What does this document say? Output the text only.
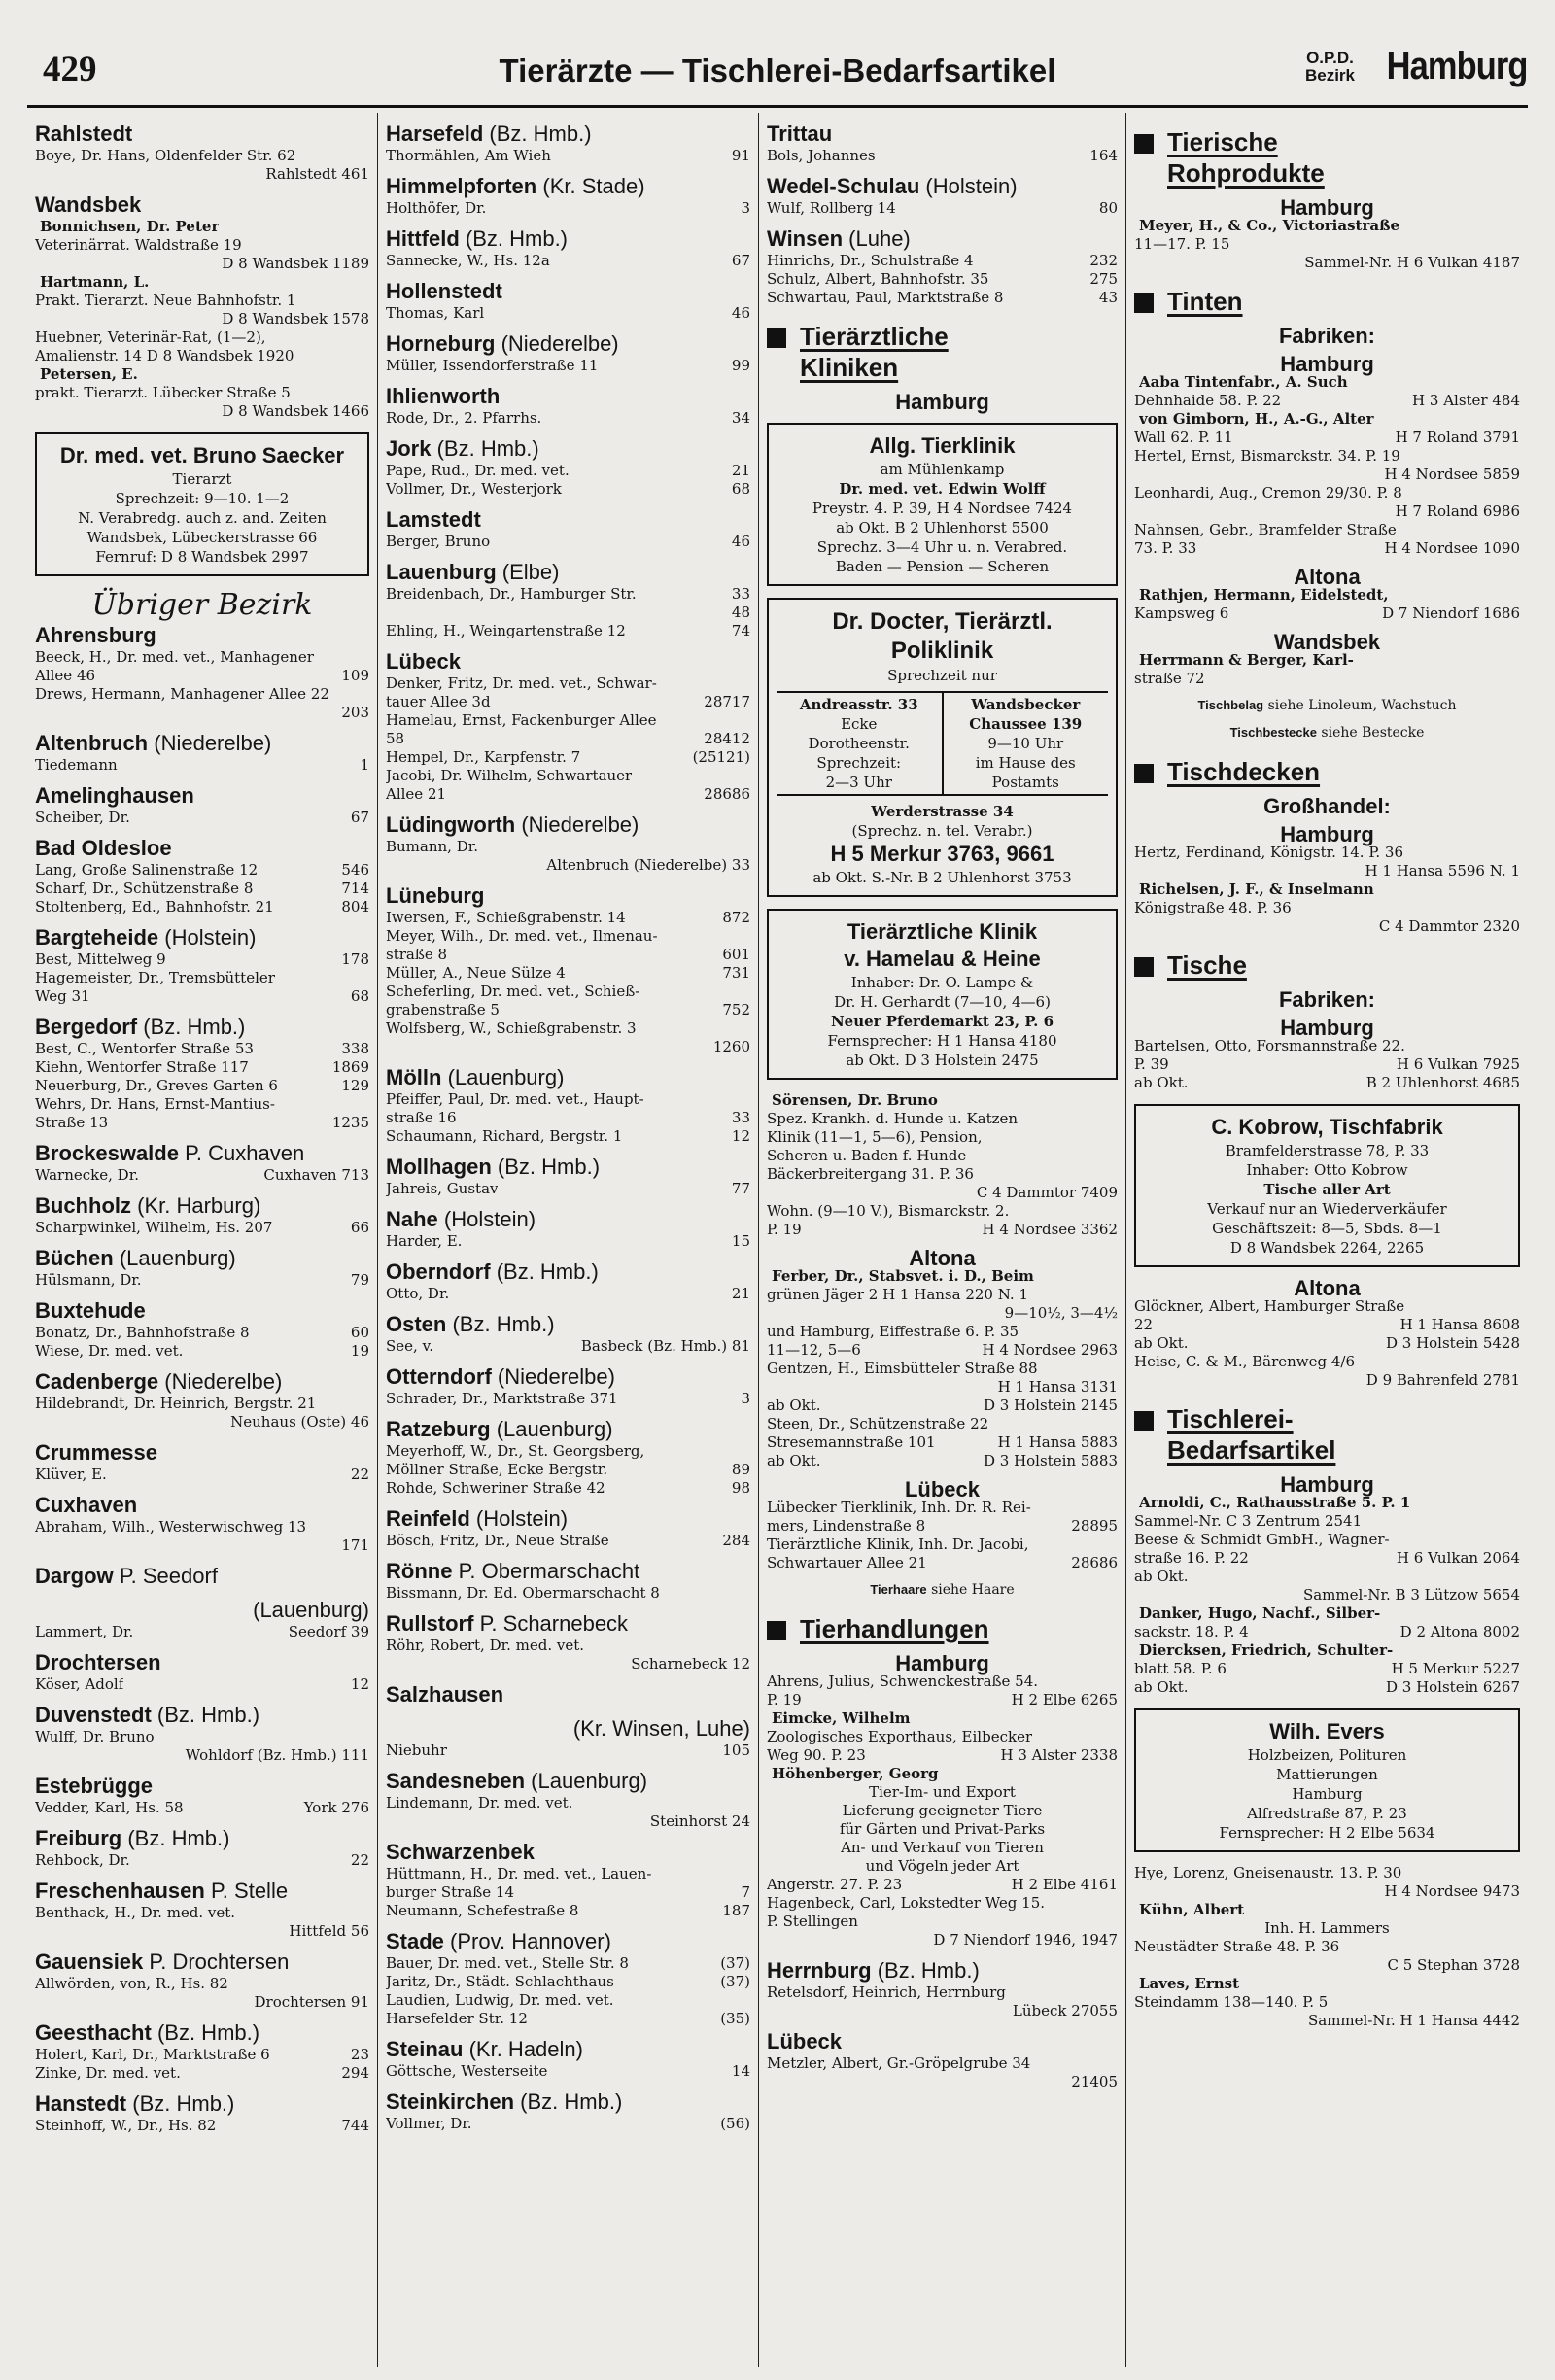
429	Tierärzte — Tischlerei-Bedarfsartikel	O.P.D.
Bezirk Hamburg
Rahlstedt
Boye, Dr. Hans, Oldenfelder Str. 62
Rahlstedt 461
Wandsbek
Bonnichsen, Dr. Peter
Veterinärrat. Waldstraße 19
D 8 Wandsbek 1189
Hartmann, L.
Prakt. Tierarzt. Neue Bahnhofstr. 1
D 8 Wandsbek 1578
Huebner, Veterinär-Rat, (1—2),
Amalienstr. 14 D 8 Wandsbek 1920
Petersen, E.
prakt. Tierarzt. Lübecker Straße 5
D 8 Wandsbek 1466
Dr. med. vet. Bruno Saecker
Tierarzt
Sprechzeit: 9—10. 1—2
N. Verabredg. auch z. and. Zeiten
Wandsbek, Lübeckerstrasse 66
Fernruf: D 8 Wandsbek 2997
Übriger Bezirk
Ahrensburg
Beeck, H., Dr. med. vet., Manhagener
Allee 46	109
Drews, Hermann, Manhagener Allee 22
203
Altenbruch (Niederelbe)
Tiedemann	1
Amelinghausen
Scheiber, Dr.	67
Bad Oldesloe
Lang, Große Salinenstraße 12	546
Scharf, Dr., Schützenstraße 8	714
Stoltenberg, Ed., Bahnhofstr. 21	804
Bargteheide (Holstein)
Best, Mittelweg 9	178
Hagemeister, Dr., Tremsbütteler
Weg 31	68
Bergedorf (Bz. Hmb.)
Best, C., Wentorfer Straße 53	338
Kiehn, Wentorfer Straße 117	1869
Neuerburg, Dr., Greves Garten 6	129
Wehrs, Dr. Hans, Ernst-Mantius-
Straße 13	1235
Brockeswalde P. Cuxhaven
Warnecke, Dr.	Cuxhaven 713
Buchholz (Kr. Harburg)
Scharpwinkel, Wilhelm, Hs. 207	66
Büchen (Lauenburg)
Hülsmann, Dr.	79
Buxtehude
Bonatz, Dr., Bahnhofstraße 8	60
Wiese, Dr. med. vet.	19
Cadenberge (Niederelbe)
Hildebrandt, Dr. Heinrich, Bergstr. 21
Neuhaus (Oste) 46
Crummesse
Klüver, E.	22
Cuxhaven
Abraham, Wilh., Westerwischweg 13
171
Dargow P. Seedorf
(Lauenburg)
Lammert, Dr.	Seedorf 39
Drochtersen
Köser, Adolf	12
Duvenstedt (Bz. Hmb.)
Wulff, Dr. Bruno
Wohldorf (Bz. Hmb.) 111
Estebrügge
Vedder, Karl, Hs. 58	York 276
Freiburg (Bz. Hmb.)
Rehbock, Dr.	22
Freschenhausen P. Stelle
Benthack, H., Dr. med. vet.
Hittfeld 56
Gauensiek P. Drochtersen
Allwörden, von, R., Hs. 82
Drochtersen 91
Geesthacht (Bz. Hmb.)
Holert, Karl, Dr., Marktstraße 6	23
Zinke, Dr. med. vet.	294
Hanstedt (Bz. Hmb.)
Steinhoff, W., Dr., Hs. 82	744
Harsefeld (Bz. Hmb.)
Thormählen, Am Wieh	91
Himmelpforten (Kr. Stade)
Holthöfer, Dr.	3
Hittfeld (Bz. Hmb.)
Sannecke, W., Hs. 12a	67
Hollenstedt
Thomas, Karl	46
Horneburg (Niederelbe)
Müller, Issendorferstraße 11	99
Ihlienworth
Rode, Dr., 2. Pfarrhs.	34
Jork (Bz. Hmb.)
Pape, Rud., Dr. med. vet.	21
Vollmer, Dr., Westerjork	68
Lamstedt
Berger, Bruno	46
Lauenburg (Elbe)
Breidenbach, Dr., Hamburger Str.	33
48
Ehling, H., Weingartenstraße 12	74
Lübeck
Denker, Fritz, Dr. med. vet., Schwar-
tauer Allee 3d	28717
Hamelau, Ernst, Fackenburger Allee
58	28412
Hempel, Dr., Karpfenstr. 7	(25121)
Jacobi, Dr. Wilhelm, Schwartauer
Allee 21	28686
Lüdingworth (Niederelbe)
Bumann, Dr.
Altenbruch (Niederelbe) 33
Lüneburg
Iwersen, F., Schießgrabenstr. 14	872
Meyer, Wilh., Dr. med. vet., Ilmenau-
straße 8	601
Müller, A., Neue Sülze 4	731
Scheferling, Dr. med. vet., Schieß-
grabenstraße 5	752
Wolfsberg, W., Schießgrabenstr. 3
1260
Mölln (Lauenburg)
Pfeiffer, Paul, Dr. med. vet., Haupt-
straße 16	33
Schaumann, Richard, Bergstr. 1	12
Mollhagen (Bz. Hmb.)
Jahreis, Gustav	77
Nahe (Holstein)
Harder, E.	15
Oberndorf (Bz. Hmb.)
Otto, Dr.	21
Osten (Bz. Hmb.)
See, v.	Basbeck (Bz. Hmb.) 81
Otterndorf (Niederelbe)
Schrader, Dr., Marktstraße 371	3
Ratzeburg (Lauenburg)
Meyerhoff, W., Dr., St. Georgsberg,
Möllner Straße, Ecke Bergstr.	89
Rohde, Schweriner Straße 42	98
Reinfeld (Holstein)
Bösch, Fritz, Dr., Neue Straße	284
Rönne P. Obermarschacht
Bissmann, Dr. Ed. Obermarschacht 8
Rullstorf P. Scharnebeck
Röhr, Robert, Dr. med. vet.
Scharnebeck 12
Salzhausen
(Kr. Winsen, Luhe)
Niebuhr	105
Sandesneben (Lauenburg)
Lindemann, Dr. med. vet.
Steinhorst 24
Schwarzenbek
Hüttmann, H., Dr. med. vet., Lauen-
burger Straße 14	7
Neumann, Schefestraße 8	187
Stade (Prov. Hannover)
Bauer, Dr. med. vet., Stelle Str. 8	(37)
Jaritz, Dr., Städt. Schlachthaus	(37)
Laudien, Ludwig, Dr. med. vet.
Harsefelder Str. 12	(35)
Steinau (Kr. Hadeln)
Göttsche, Westerseite	14
Steinkirchen (Bz. Hmb.)
Vollmer, Dr.	(56)
Trittau
Bols, Johannes	164
Wedel-Schulau (Holstein)
Wulf, Rollberg 14	80
Winsen (Luhe)
Hinrichs, Dr., Schulstraße 4	232
Schulz, Albert, Bahnhofstr. 35	275
Schwartau, Paul, Marktstraße 8	43
Tierärztliche
Kliniken
Hamburg
Allg. Tierklinik
am Mühlenkamp
Dr. med. vet. Edwin Wolff
Preystr. 4. P. 39, H 4 Nordsee 7424
ab Okt. B 2 Uhlenhorst 5500
Sprechz. 3—4 Uhr u. n. Verabred.
Baden — Pension — Scheren
Dr. Docter, Tierärztl.
Poliklinik
Sprechzeit nur
Andreasstr. 33
Ecke
Dorotheenstr.
Sprechzeit:
2—3 Uhr
Wandsbecker
Chaussee 139
9—10 Uhr
im Hause des
Postamts
Werderstrasse 34
(Sprechz. n. tel. Verabr.)
H 5 Merkur 3763, 9661
ab Okt. S.-Nr. B 2 Uhlenhorst 3753
Tierärztliche Klinik
v. Hamelau & Heine
Inhaber: Dr. O. Lampe &
Dr. H. Gerhardt (7—10, 4—6)
Neuer Pferdemarkt 23, P. 6
Fernsprecher: H 1 Hansa 4180
ab Okt. D 3 Holstein 2475
Sörensen, Dr. Bruno
Spez. Krankh. d. Hunde u. Katzen
Klinik (11—1, 5—6), Pension,
Scheren u. Baden f. Hunde
Bäckerbreitergang 31. P. 36
C 4 Dammtor 7409
Wohn. (9—10 V.), Bismarckstr. 2.
P. 19	H 4 Nordsee 3362
Altona
Ferber, Dr., Stabsvet. i. D., Beim
grünen Jäger 2 H 1 Hansa 220 N. 1
9—10½, 3—4½
und Hamburg, Eiffestraße 6. P. 35
11—12, 5—6	H 4 Nordsee 2963
Gentzen, H., Eimsbütteler Straße 88
H 1 Hansa 3131
ab Okt.	D 3 Holstein 2145
Steen, Dr., Schützenstraße 22
Stresemannstraße 101	H 1 Hansa 5883
ab Okt.	D 3 Holstein 5883
Lübeck
Lübecker Tierklinik, Inh. Dr. R. Rei-
mers, Lindenstraße 8	28895
Tierärztliche Klinik, Inh. Dr. Jacobi,
Schwartauer Allee 21	28686
Tierhaare siehe Haare
Tierhandlungen
Hamburg
Ahrens, Julius, Schwenckestraße 54.
P. 19	H 2 Elbe 6265
Eimcke, Wilhelm
Zoologisches Exporthaus, Eilbecker
Weg 90. P. 23	H 3 Alster 2338
Höhenberger, Georg
Tier-Im- und Export
Lieferung geeigneter Tiere
für Gärten und Privat-Parks
An- und Verkauf von Tieren
und Vögeln jeder Art
Angerstr. 27. P. 23	H 2 Elbe 4161
Hagenbeck, Carl, Lokstedter Weg 15.
P. Stellingen
D 7 Niendorf 1946, 1947
Herrnburg (Bz. Hmb.)
Retelsdorf, Heinrich, Herrnburg
Lübeck 27055
Lübeck
Metzler, Albert, Gr.-Gröpelgrube 34
21405
Tierische
Rohprodukte
Hamburg
Meyer, H., & Co., Victoriastraße
11—17. P. 15
Sammel-Nr. H 6 Vulkan 4187
Tinten
Fabriken:
Hamburg
Aaba Tintenfabr., A. Such
Dehnhaide 58. P. 22	H 3 Alster 484
von Gimborn, H., A.-G., Alter
Wall 62. P. 11	H 7 Roland 3791
Hertel, Ernst, Bismarckstr. 34. P. 19
H 4 Nordsee 5859
Leonhardi, Aug., Cremon 29/30. P. 8
H 7 Roland 6986
Nahnsen, Gebr., Bramfelder Straße
73. P. 33	H 4 Nordsee 1090
Altona
Rathjen, Hermann, Eidelstedt,
Kampsweg 6	D 7 Niendorf 1686
Wandsbek
Herrmann & Berger, Karl-
straße 72
Tischbelag siehe Linoleum, Wachstuch
Tischbestecke siehe Bestecke
Tischdecken
Großhandel:
Hamburg
Hertz, Ferdinand, Königstr. 14. P. 36
H 1 Hansa 5596 N. 1
Richelsen, J. F., & Inselmann
Königstraße 48. P. 36
C 4 Dammtor 2320
Tische
Fabriken:
Hamburg
Bartelsen, Otto, Forsmannstraße 22.
P. 39	H 6 Vulkan 7925
ab Okt.	B 2 Uhlenhorst 4685
C. Kobrow, Tischfabrik
Bramfelderstrasse 78, P. 33
Inhaber: Otto Kobrow
Tische aller Art
Verkauf nur an Wiederverkäufer
Geschäftszeit: 8—5, Sbds. 8—1
D 8 Wandsbek 2264, 2265
Altona
Glöckner, Albert, Hamburger Straße
22	H 1 Hansa 8608
ab Okt.	D 3 Holstein 5428
Heise, C. & M., Bärenweg 4/6
D 9 Bahrenfeld 2781
Tischlerei-
Bedarfsartikel
Hamburg
Arnoldi, C., Rathausstraße 5. P. 1
Sammel-Nr. C 3 Zentrum 2541
Beese & Schmidt GmbH., Wagner-
straße 16. P. 22	H 6 Vulkan 2064
ab Okt.
Sammel-Nr. B 3 Lützow 5654
Danker, Hugo, Nachf., Silber-
sackstr. 18. P. 4	D 2 Altona 8002
Diercksen, Friedrich, Schulter-
blatt 58. P. 6	H 5 Merkur 5227
ab Okt.	D 3 Holstein 6267
Wilh. Evers
Holzbeizen, Polituren
Mattierungen
Hamburg
Alfredstraße 87, P. 23
Fernsprecher: H 2 Elbe 5634
Hye, Lorenz, Gneisenaustr. 13. P. 30
H 4 Nordsee 9473
Kühn, Albert
Inh. H. Lammers
Neustädter Straße 48. P. 36
C 5 Stephan 3728
Laves, Ernst
Steindamm 138—140. P. 5
Sammel-Nr. H 1 Hansa 4442
